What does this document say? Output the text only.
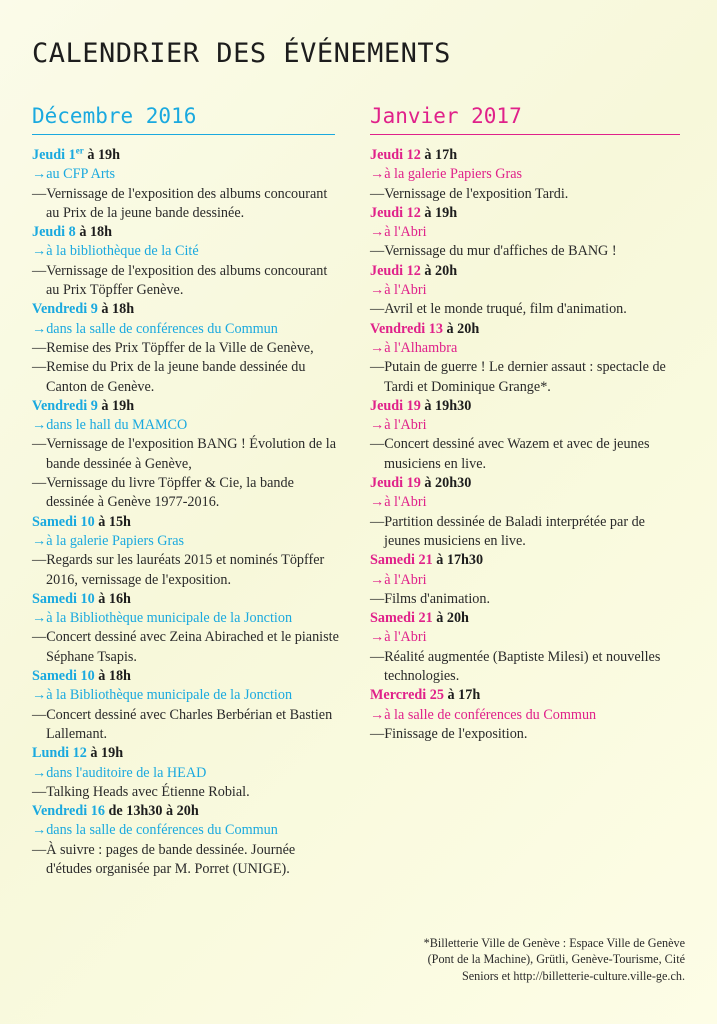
CALENDRIER DES ÉVÉNEMENTS
Décembre 2016
Jeudi 1er à 19h
→au CFP Arts
—Vernissage de l'exposition des albums concourant au Prix de la jeune bande dessinée.
Jeudi 8 à 18h
→à la bibliothèque de la Cité
—Vernissage de l'exposition des albums concourant au Prix Töpffer Genève.
Vendredi 9 à 18h
→dans la salle de conférences du Commun
—Remise des Prix Töpffer de la Ville de Genève,
—Remise du Prix de la jeune bande dessinée du Canton de Genève.
Vendredi 9 à 19h
→dans le hall du MAMCO
—Vernissage de l'exposition BANG ! Évolution de la bande dessinée à Genève,
—Vernissage du livre Töpffer & Cie, la bande dessinée à Genève 1977-2016.
Samedi 10 à 15h
→à la galerie Papiers Gras
—Regards sur les lauréats 2015 et nominés Töpffer 2016, vernissage de l'exposition.
Samedi 10 à 16h
→à la Bibliothèque municipale de la Jonction
—Concert dessiné avec Zeina Abirached et le pianiste Séphane Tsapis.
Samedi 10 à 18h
→à la Bibliothèque municipale de la Jonction
—Concert dessiné avec Charles Berbérian et Bastien Lallemant.
Lundi 12 à 19h
→dans l'auditoire de la HEAD
—Talking Heads avec Étienne Robial.
Vendredi 16 de 13h30 à 20h
→dans la salle de conférences du Commun
—À suivre : pages de bande dessinée. Journée d'études organisée par M. Porret (UNIGE).
Janvier 2017
Jeudi 12 à 17h
→à la galerie Papiers Gras
—Vernissage de l'exposition Tardi.
Jeudi 12 à 19h
→à l'Abri
—Vernissage du mur d'affiches de BANG !
Jeudi 12 à 20h
→à l'Abri
—Avril et le monde truqué, film d'animation.
Vendredi 13 à 20h
→à l'Alhambra
—Putain de guerre ! Le dernier assaut : spectacle de Tardi et Dominique Grange*.
Jeudi 19 à 19h30
→à l'Abri
—Concert dessiné avec Wazem et avec de jeunes musiciens en live.
Jeudi 19 à 20h30
→à l'Abri
—Partition dessinée de Baladi interprétée par de jeunes musiciens en live.
Samedi 21 à 17h30
→à l'Abri
—Films d'animation.
Samedi 21 à 20h
→à l'Abri
—Réalité augmentée (Baptiste Milesi) et nouvelles technologies.
Mercredi 25 à 17h
→à la salle de conférences du Commun
—Finissage de l'exposition.
*Billetterie Ville de Genève : Espace Ville de Genève (Pont de la Machine), Grütli, Genève-Tourisme, Cité Seniors et http://billetterie-culture.ville-ge.ch.
